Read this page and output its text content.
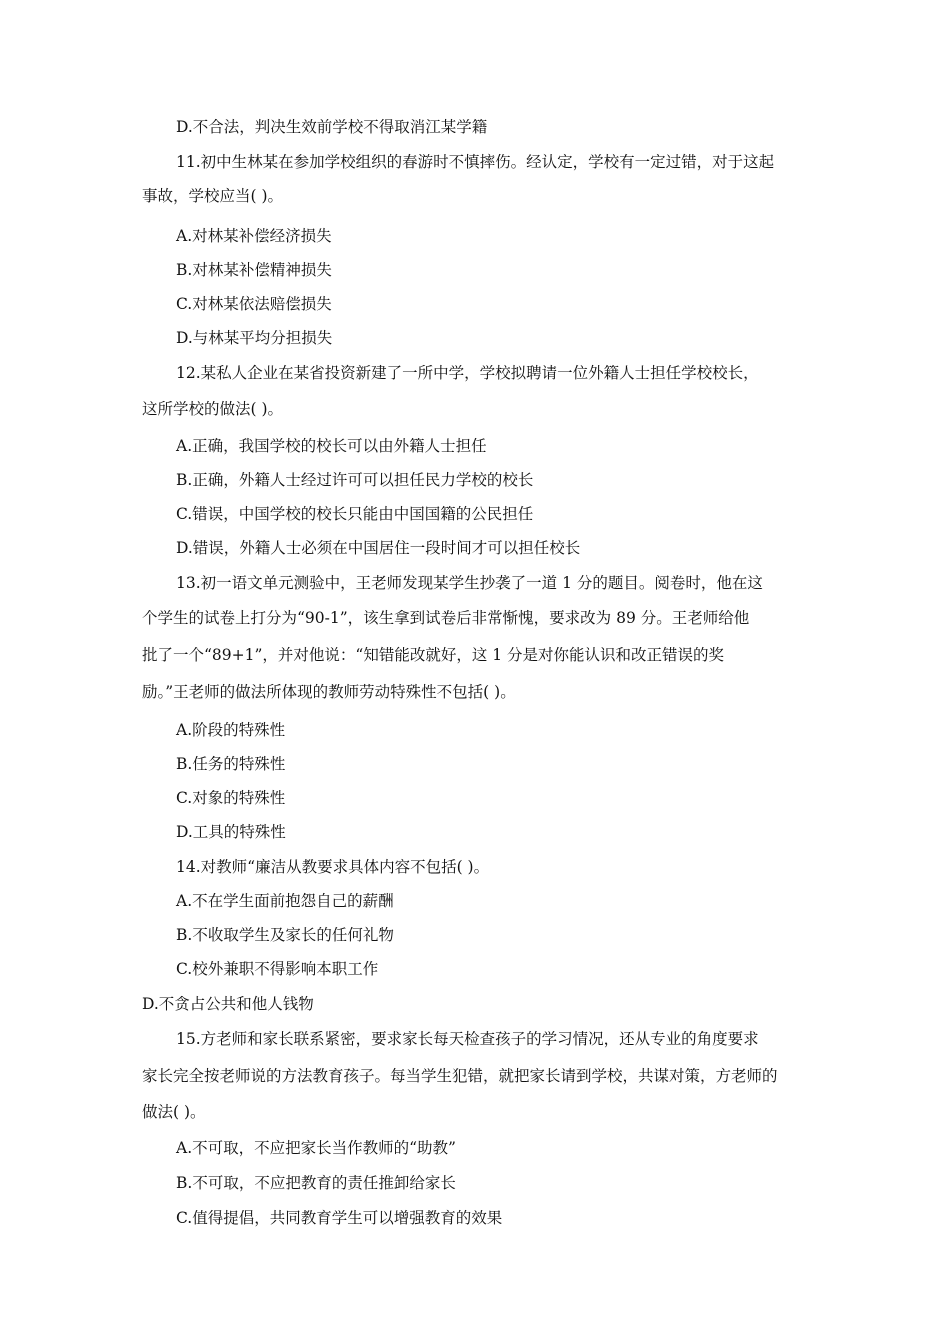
D.不合法，判决生效前学校不得取消江某学籍
11.初中生林某在参加学校组织的春游时不慎摔伤。经认定，学校有一定过错，对于这起
事故，学校应当( )。
A.对林某补偿经济损失
B.对林某补偿精神损失
C.对林某依法赔偿损失
D.与林某平均分担损失
12.某私人企业在某省投资新建了一所中学，学校拟聘请一位外籍人士担任学校校长，
这所学校的做法( )。
A.正确，我国学校的校长可以由外籍人士担任
B.正确，外籍人士经过许可可以担任民力学校的校长
C.错误，中国学校的校长只能由中国国籍的公民担任
D.错误，外籍人士必须在中国居住一段时间才可以担任校长
13.初一语文单元测验中，王老师发现某学生抄袭了一道 1 分的题目。阅卷时，他在这
个学生的试卷上打分为“90-1”，该生拿到试卷后非常惭愧，要求改为 89 分。王老师给他
批了一个“89+1”，并对他说：“知错能改就好，这 1 分是对你能认识和改正错误的奖
励。”王老师的做法所体现的教师劳动特殊性不包括( )。
A.阶段的特殊性
B.任务的特殊性
C.对象的特殊性
D.工具的特殊性
14.对教师“廉洁从教要求具体内容不包括( )。
A.不在学生面前抱怨自己的薪酬
B.不收取学生及家长的任何礼物
C.校外兼职不得影响本职工作
D.不贪占公共和他人钱物
15.方老师和家长联系紧密，要求家长每天检查孩子的学习情况，还从专业的角度要求
家长完全按老师说的方法教育孩子。每当学生犯错，就把家长请到学校，共谋对策，方老师的
做法( )。
A.不可取，不应把家长当作教师的“助教”
B.不可取，不应把教育的责任推卸给家长
C.值得提倡，共同教育学生可以增强教育的效果
